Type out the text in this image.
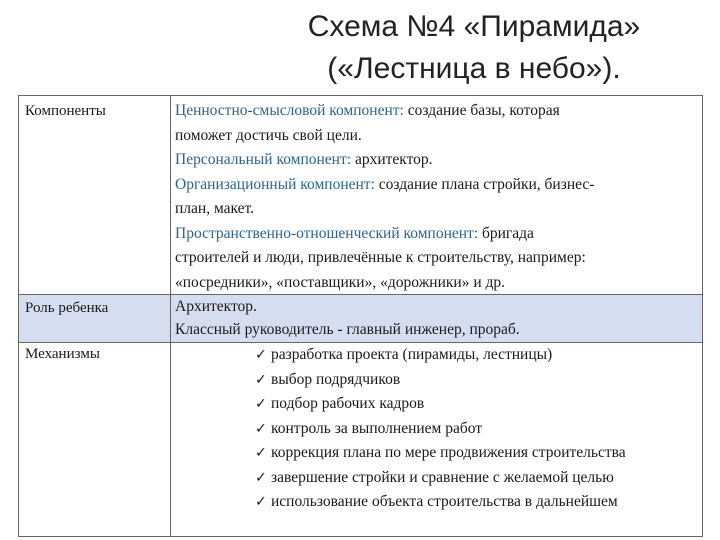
Схема №4 «Пирамида»
(«Лестница в небо»).
Компоненты	Ценностно-смысловой компонент: создание базы, которая
поможет достичь свой цели.
Персональный компонент: архитектор.
Организационный компонент: создание плана стройки, бизнес-
план, макет.
Пространственно-отношенческий компонент: бригада
строителей и люди, привлечённые к строительству, например:
«посредники», «поставщики», «дорожники» и др.
Роль ребенка	Архитектор.
Классный руководитель - главный инженер, прораб.
Механизмы	✓ разработка проекта (пирамиды, лестницы)
✓ выбор подрядчиков
✓ подбор рабочих кадров
✓ контроль за выполнением работ
✓ коррекция плана по мере продвижения строительства
✓ завершение стройки и сравнение с желаемой целью
✓ использование объекта строительства в дальнейшем
